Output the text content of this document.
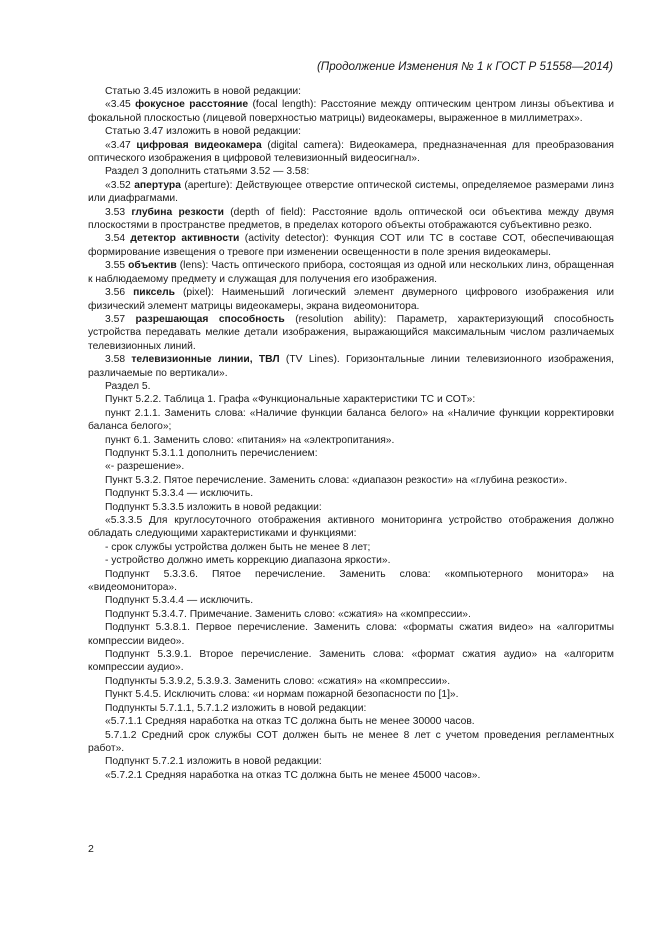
(Продолжение Изменения № 1 к ГОСТ Р 51558—2014)

Статью 3.45 изложить в новой редакции:

«3.45 фокусное расстояние (focal length): Расстояние между оптическим центром линзы объектива и фокальной плоскостью (лицевой поверхностью матрицы) видеокамеры, выраженное в миллиметрах».

Статью 3.47 изложить в новой редакции:

«3.47 цифровая видеокамера (digital camera): Видеокамера, предназначенная для преобразования оптического изображения в цифровой телевизионный видеосигнал».

Раздел 3 дополнить статьями 3.52 — 3.58:

«3.52 апертура (aperture): Действующее отверстие оптической системы, определяемое размерами линз или диафрагмами.

3.53 глубина резкости (depth of field): Расстояние вдоль оптической оси объектива между двумя плоскостями в пространстве предметов, в пределах которого объекты отображаются субъективно резко.

3.54 детектор активности (activity detector): Функция СОТ или ТС в составе СОТ, обеспечивающая формирование извещения о тревоге при изменении освещенности в поле зрения видеокамеры.

3.55 объектив (lens): Часть оптического прибора, состоящая из одной или нескольких линз, обращенная к наблюдаемому предмету и служащая для получения его изображения.

3.56 пиксель (pixel): Наименьший логический элемент двумерного цифрового изображения или физический элемент матрицы видеокамеры, экрана видеомонитора.

3.57 разрешающая способность (resolution ability): Параметр, характеризующий способность устройства передавать мелкие детали изображения, выражающийся максимальным числом различаемых телевизионных линий.

3.58 телевизионные линии, ТВЛ (TV Lines). Горизонтальные линии телевизионного изображения, различаемые по вертикали».

Раздел 5.

Пункт 5.2.2. Таблица 1. Графа «Функциональные характеристики ТС и СОТ»:

пункт 2.1.1. Заменить слова: «Наличие функции баланса белого» на «Наличие функции корректировки баланса белого»;

пункт 6.1. Заменить слово: «питания» на «электропитания».

Подпункт 5.3.1.1 дополнить перечислением:

«- разрешение».

Пункт 5.3.2. Пятое перечисление. Заменить слова: «диапазон резкости» на «глубина резкости».

Подпункт 5.3.3.4 — исключить.

Подпункт 5.3.3.5 изложить в новой редакции:

«5.3.3.5 Для круглосуточного отображения активного мониторинга устройство отображения должно обладать следующими характеристиками и функциями:

- срок службы устройства должен быть не менее 8 лет;

- устройство должно иметь коррекцию диапазона яркости».

Подпункт 5.3.3.6. Пятое перечисление. Заменить слова: «компьютерного монитора» на «видеомонитора».

Подпункт 5.3.4.4 — исключить.

Подпункт 5.3.4.7. Примечание. Заменить слово: «сжатия» на «компрессии».

Подпункт 5.3.8.1. Первое перечисление. Заменить слова: «форматы сжатия видео» на «алгоритмы компрессии видео».

Подпункт 5.3.9.1. Второе перечисление. Заменить слова: «формат сжатия аудио» на «алгоритм компрессии аудио».

Подпункты 5.3.9.2, 5.3.9.3. Заменить слово: «сжатия» на «компрессии».

Пункт 5.4.5. Исключить слова: «и нормам пожарной безопасности по [1]».

Подпункты 5.7.1.1, 5.7.1.2 изложить в новой редакции:

«5.7.1.1 Средняя наработка на отказ ТС должна быть не менее 30000 часов.

5.7.1.2 Средний срок службы СОТ должен быть не менее 8 лет с учетом проведения регламентных работ».

Подпункт 5.7.2.1 изложить в новой редакции:

«5.7.2.1 Средняя наработка на отказ ТС должна быть не менее 45000 часов».

2
